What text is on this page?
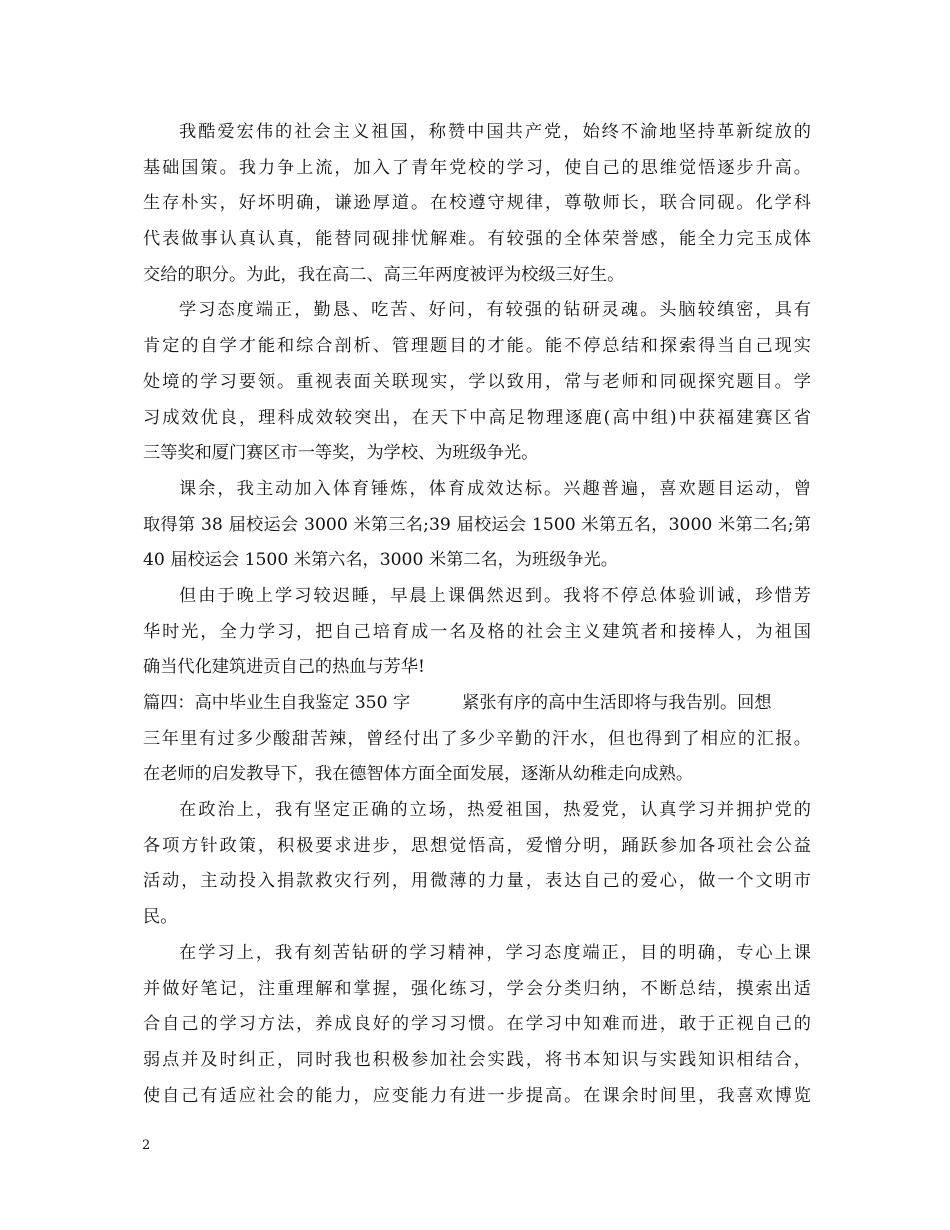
我酷爱宏伟的社会主义祖国，称赞中国共产党，始终不渝地坚持革新绽放的
基础国策。我力争上流，加入了青年党校的学习，使自己的思维觉悟逐步升高。
生存朴实，好坏明确，谦逊厚道。在校遵守规律，尊敬师长，联合同砚。化学科
代表做事认真认真，能替同砚排忧解难。有较强的全体荣誉感，能全力完玉成体
交给的职分。为此，我在高二、高三年两度被评为校级三好生。
学习态度端正，勤恳、吃苦、好问，有较强的钻研灵魂。头脑较缜密，具有
肯定的自学才能和综合剖析、管理题目的才能。能不停总结和探索得当自己现实
处境的学习要领。重视表面关联现实，学以致用，常与老师和同砚探究题目。学
习成效优良，理科成效较突出，在天下中高足物理逐鹿(高中组)中获福建赛区省
三等奖和厦门赛区市一等奖，为学校、为班级争光。
课余，我主动加入体育锤炼，体育成效达标。兴趣普遍，喜欢题目运动，曾
取得第 38 届校运会 3000 米第三名;39 届校运会 1500 米第五名，3000 米第二名;第
40 届校运会 1500 米第六名，3000 米第二名，为班级争光。
但由于晚上学习较迟睡，早晨上课偶然迟到。我将不停总体验训诫，珍惜芳
华时光，全力学习，把自己培育成一名及格的社会主义建筑者和接棒人，为祖国
确当代化建筑进贡自己的热血与芳华!
篇四：高中毕业生自我鉴定 350 字	紧张有序的高中生活即将与我告别。回想
三年里有过多少酸甜苦辣，曾经付出了多少辛勤的汗水，但也得到了相应的汇报。
在老师的启发教导下，我在德智体方面全面发展，逐渐从幼稚走向成熟。
在政治上，我有坚定正确的立场，热爱祖国，热爱党，认真学习并拥护党的
各项方针政策，积极要求进步，思想觉悟高，爱憎分明，踊跃参加各项社会公益
活动，主动投入捐款救灾行列，用微薄的力量，表达自己的爱心，做一个文明市
民。
在学习上，我有刻苦钻研的学习精神，学习态度端正，目的明确，专心上课
并做好笔记，注重理解和掌握，强化练习，学会分类归纳，不断总结，摸索出适
合自己的学习方法，养成良好的学习习惯。在学习中知难而进，敢于正视自己的
弱点并及时纠正，同时我也积极参加社会实践，将书本知识与实践知识相结合，
使自己有适应社会的能力，应变能力有进一步提高。在课余时间里，我喜欢博览
2
